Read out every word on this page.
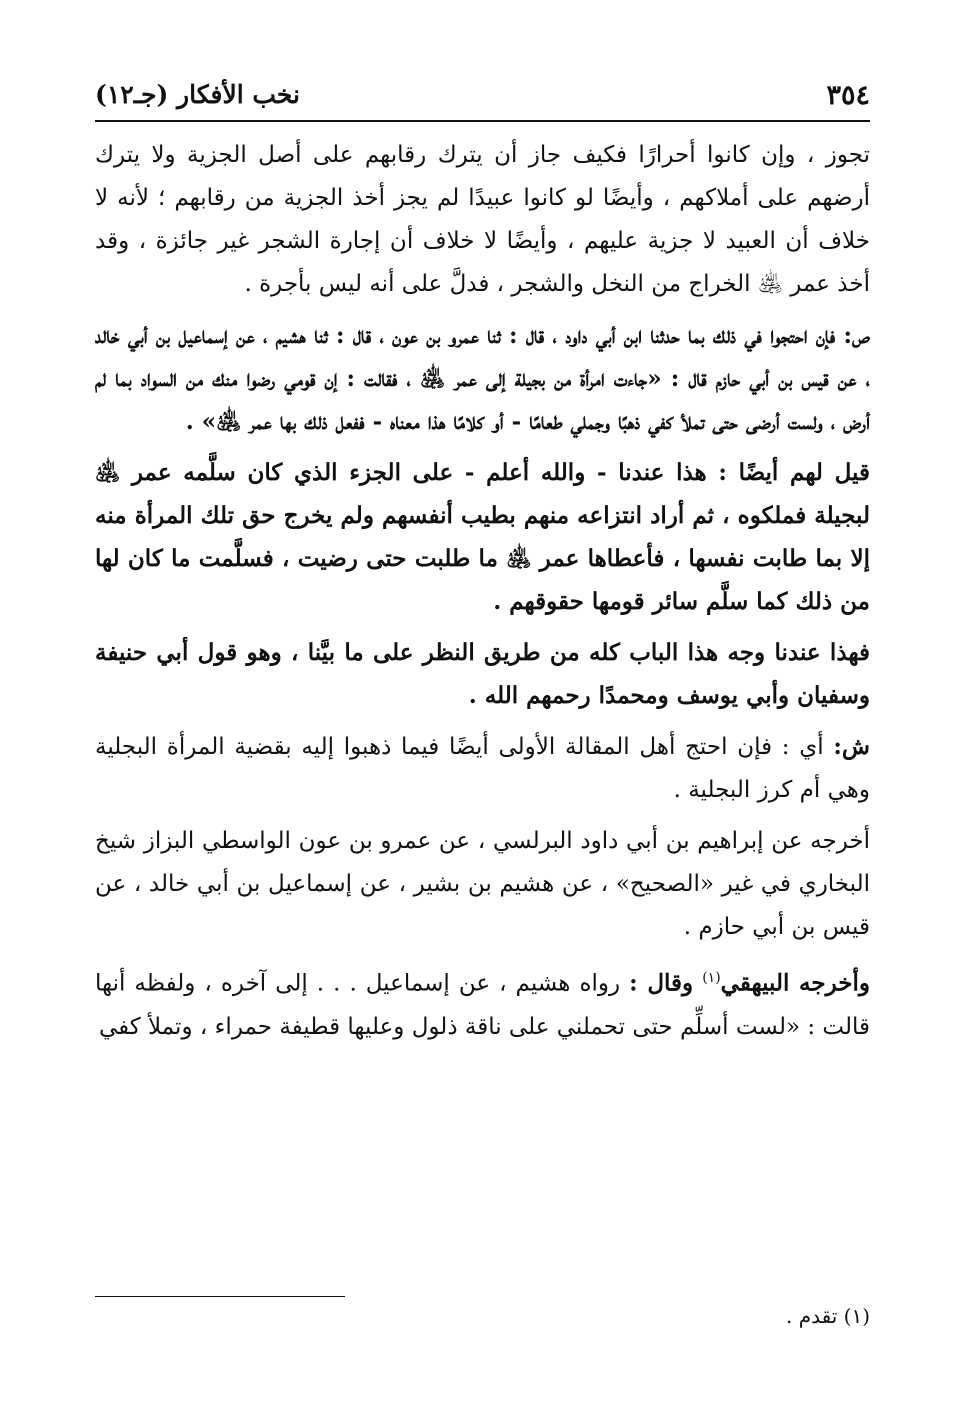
٣٥٤
نخب الأفكار (جـ١٢)

تجوز ، وإن كانوا أحرارًا فكيف جاز أن يترك رقابهم على أصل الجزية ولا يترك أرضهم على أملاكهم ، وأيضًا لو كانوا عبيدًا لم يجز أخذ الجزية من رقابهم ؛ لأنه لا خلاف أن العبيد لا جزية عليهم ، وأيضًا لا خلاف أن إجارة الشجر غير جائزة ، وقد أخذ عمر ﵁ الخراج من النخل والشجر ، فدلَّ على أنه ليس بأجرة .

ص: فإن احتجوا في ذلك بما حدثنا ابن أبي داود ، قال : ثنا عمرو بن عون ، قال : ثنا هشيم ، عن إسماعيل بن أبي خالد ، عن قيس بن أبي حازم قال : «جاءت امرأة من بجيلة إلى عمر ﵁ ، فقالت : إن قومي رضوا منك من السواد بما لم أرض ، ولست أرضى حتى تملأ كفي ذهبًا وجملي طعامًا - أو كلامًا هذا معناه - ففعل ذلك بها عمر ﵁» .

قيل لهم أيضًا : هذا عندنا - والله أعلم - على الجزء الذي كان سلَّمه عمر ﵁ لبجيلة فملكوه ، ثم أراد انتزاعه منهم بطيب أنفسهم ولم يخرج حق تلك المرأة منه إلا بما طابت نفسها ، فأعطاها عمر ﵁ ما طلبت حتى رضيت ، فسلَّمت ما كان لها من ذلك كما سلَّم سائر قومها حقوقهم .

فهذا عندنا وجه هذا الباب كله من طريق النظر على ما بيَّنا ، وهو قول أبي حنيفة وسفيان وأبي يوسف ومحمدًا رحمهم الله .

ش: أي : فإن احتج أهل المقالة الأولى أيضًا فيما ذهبوا إليه بقضية المرأة البجلية وهي أم كرز البجلية .

أخرجه عن إبراهيم بن أبي داود البرلسي ، عن عمرو بن عون الواسطي البزاز شيخ البخاري في غير «الصحيح» ، عن هشيم بن بشير ، عن إسماعيل بن أبي خالد ، عن قيس بن أبي حازم .

وأخرجه البيهقي$^{(١)}$ وقال : رواه هشيم ، عن إسماعيل . . . إلى آخره ، ولفظه أنها قالت : «لست أسلِّم حتى تحملني على ناقة ذلول وعليها قطيفة حمراء ، وتملأ كفي

(١) تقدم .
